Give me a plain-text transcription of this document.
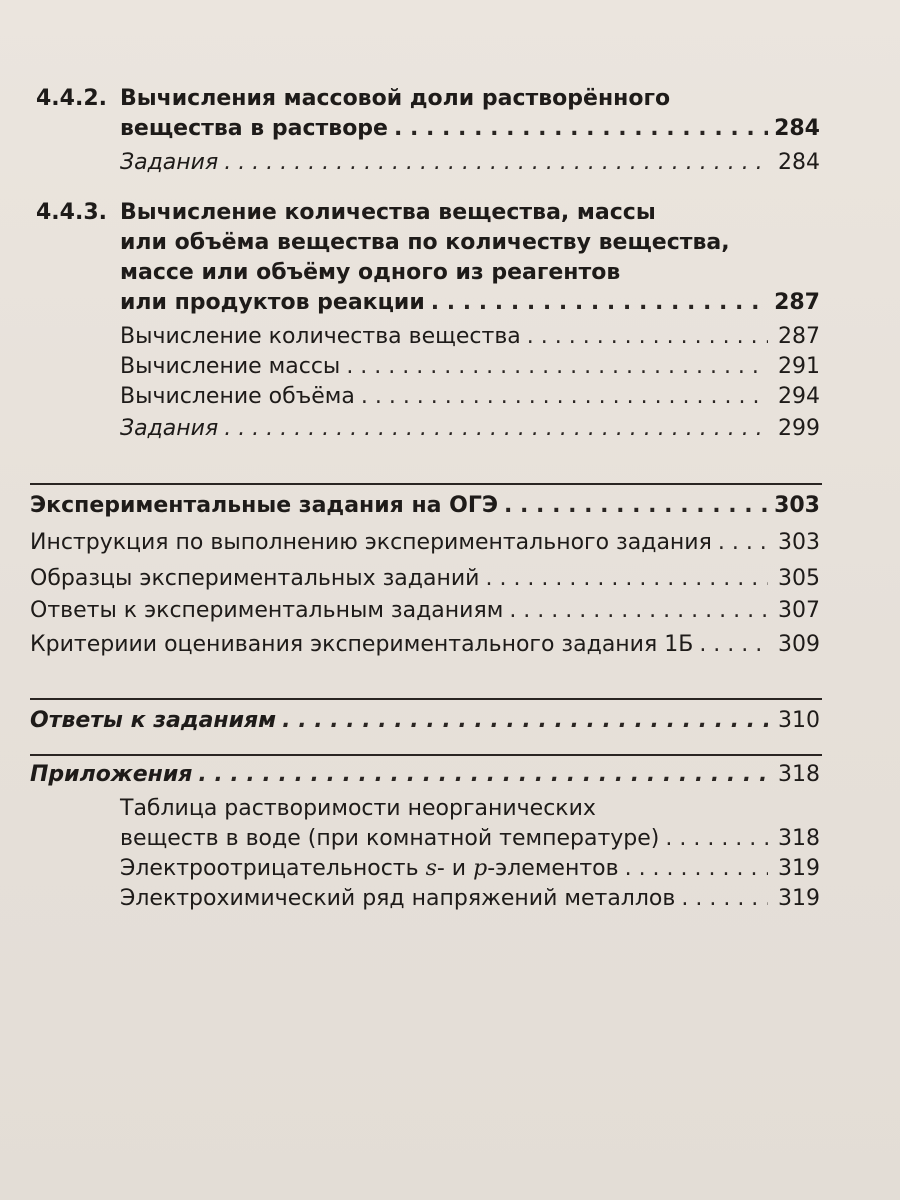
4.4.2. Вычисления массовой доли растворённого
вещества в растворе . . .	284
Задания . . .	284
4.4.3. Вычисление количества вещества, массы
или объёма вещества по количеству вещества,
массе или объёму одного из реагентов
или продуктов реакции . . .	287
Вычисление количества вещества . . .	287
Вычисление массы . . .	291
Вычисление объёма . . .	294
Задания . . .	299
Экспериментальные задания на ОГЭ . . .	303
Инструкция по выполнению экспериментального задания . . .	303
Образцы экспериментальных заданий . . .	305
Ответы к экспериментальным заданиям . . .	307
Критериии оценивания экспериментального задания 1Б . . .	309
Ответы к заданиям . . .	310
Приложения . . .	318
Таблица растворимости неорганических
веществ в воде (при комнатной температуре) . . .	318
Электроотрицательность s- и p-элементов . . .	319
Электрохимический ряд напряжений металлов . . .	319
